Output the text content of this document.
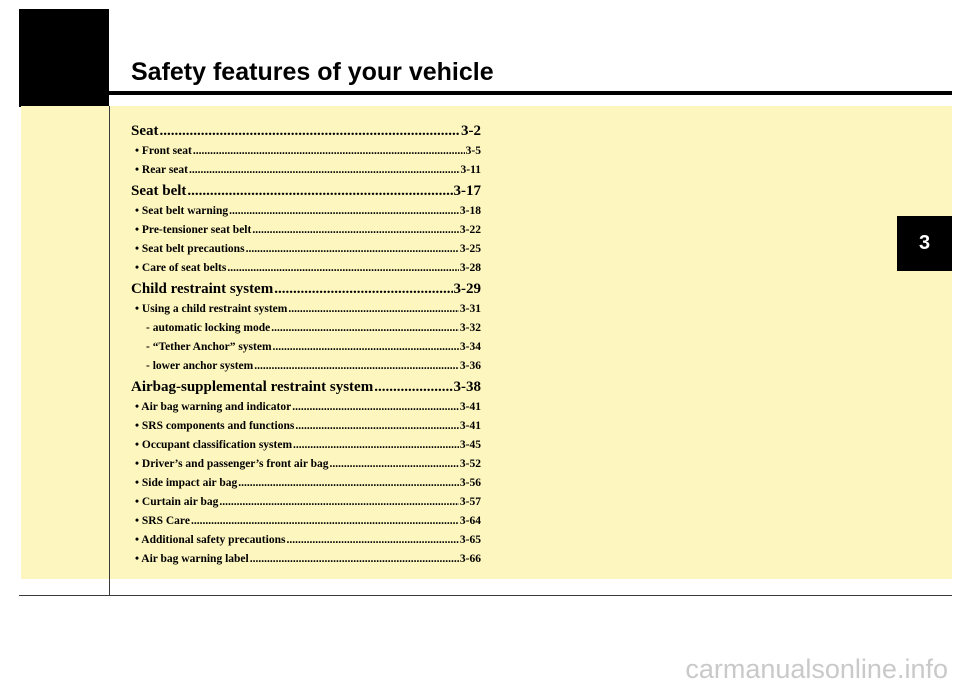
Safety features of your vehicle
3
Seat .....	3-2
• Front seat .....	3-5
• Rear seat .....	3-11
Seat belt .....	3-17
• Seat belt warning .....	3-18
• Pre-tensioner seat belt .....	3-22
• Seat belt precautions .....	3-25
• Care of seat belts .....	3-28
Child restraint system .....	3-29
• Using a child restraint system .....	3-31
- automatic locking mode .....	3-32
- “Tether Anchor” system .....	3-34
- lower anchor system .....	3-36
Airbag-supplemental restraint system .....	3-38
• Air bag warning and indicator .....	3-41
• SRS components and functions .....	3-41
• Occupant classification system .....	3-45
• Driver’s and passenger’s front air bag .....	3-52
• Side impact air bag .....	3-56
• Curtain air bag .....	3-57
• SRS Care .....	3-64
• Additional safety precautions .....	3-65
• Air bag warning label .....	3-66
carmanualsonline.info
